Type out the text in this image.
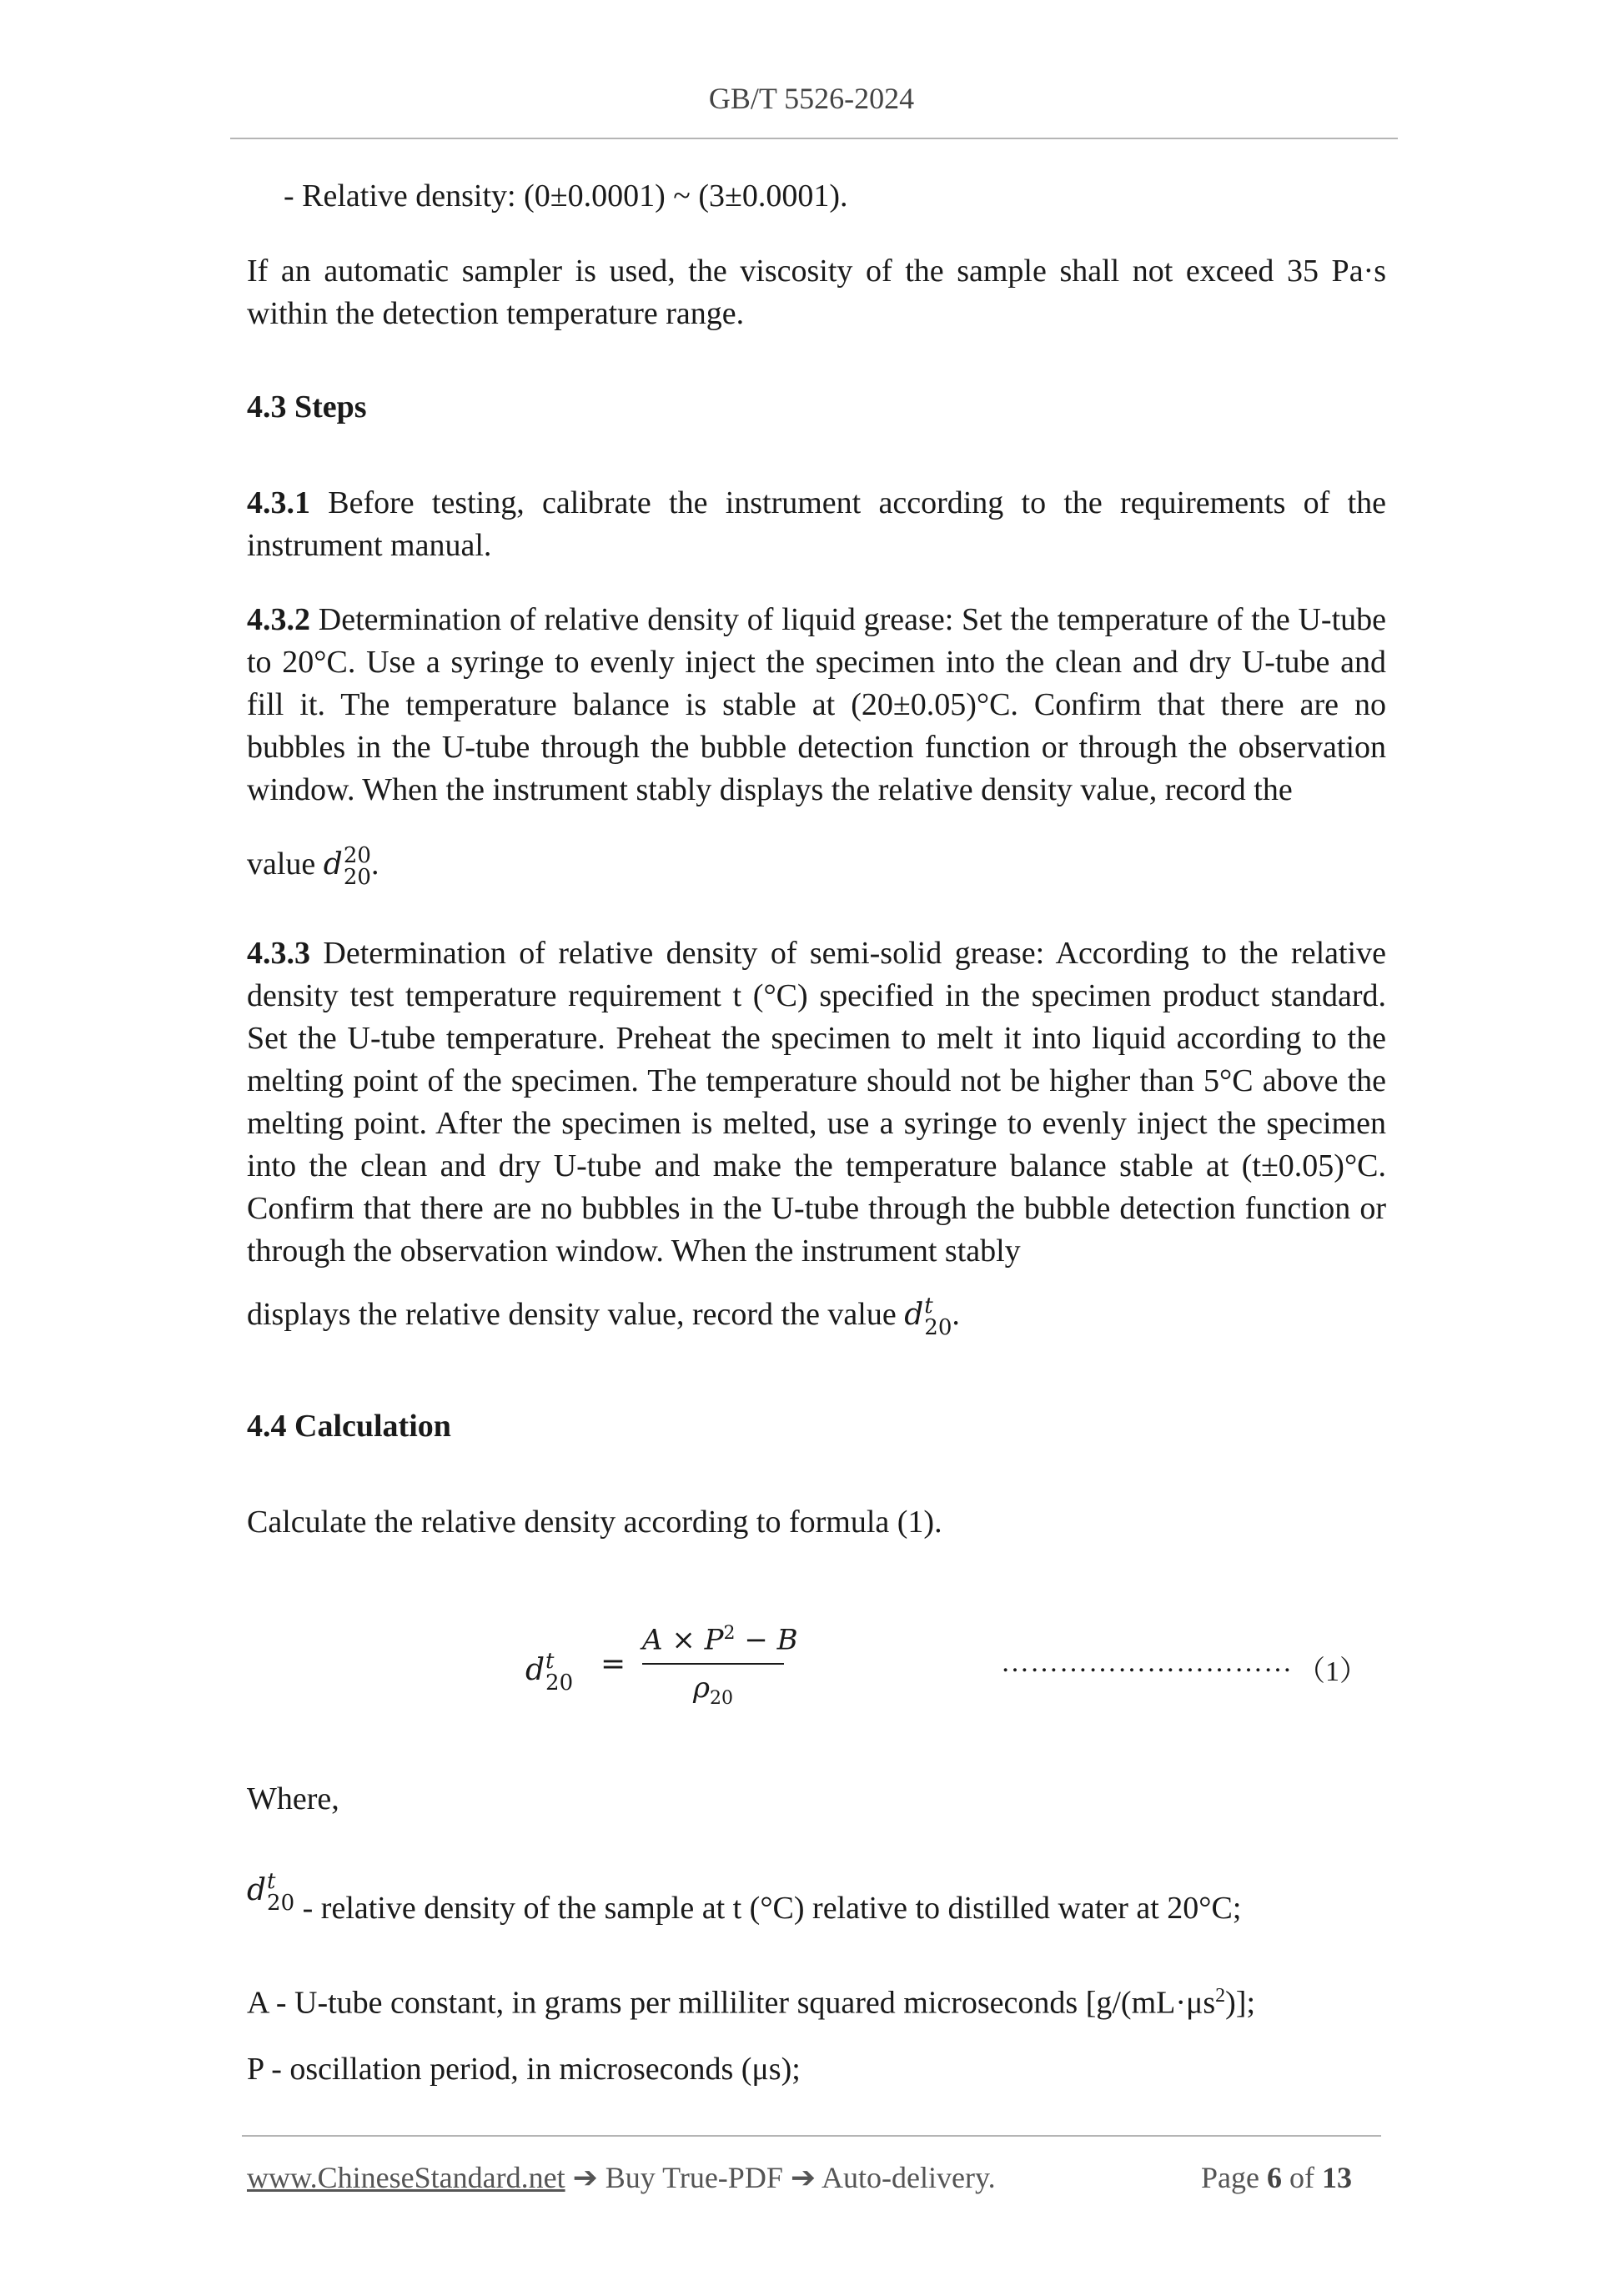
GB/T 5526-2024

- Relative density: (0±0.0001) ~ (3±0.0001).

If an automatic sampler is used, the viscosity of the sample shall not exceed 35 Pa·s within the detection temperature range.

4.3 Steps

4.3.1 Before testing, calibrate the instrument according to the requirements of the instrument manual.

4.3.2 Determination of relative density of liquid grease: Set the temperature of the U-tube to 20°C. Use a syringe to evenly inject the specimen into the clean and dry U-tube and fill it. The temperature balance is stable at (20±0.05)°C. Confirm that there are no bubbles in the U-tube through the bubble detection function or through the observation window. When the instrument stably displays the relative density value, record the

value d 20
20 .

4.3.3 Determination of relative density of semi-solid grease: According to the relative density test temperature requirement t (°C) specified in the specimen product standard. Set the U-tube temperature. Preheat the specimen to melt it into liquid according to the melting point of the specimen. The temperature should not be higher than 5°C above the melting point. After the specimen is melted, use a syringe to evenly inject the specimen into the clean and dry U-tube and make the temperature balance stable at (t±0.05)°C. Confirm that there are no bubbles in the U-tube through the bubble detection function or through the observation window. When the instrument stably

displays the relative density value, record the value d t
20 .

4.4 Calculation

Calculate the relative density according to formula (1).

d t
20
=
$A \times P^2 - B$
$\rho_{20}$
………………………… （1）

Where,

d t
20 - relative density of the sample at t (°C) relative to distilled water at 20°C;

A - U-tube constant, in grams per milliliter squared microseconds $[g/(mL\cdot\mu s^2)]$;

P - oscillation period, in microseconds (μs);

www.ChineseStandard.net ➔ Buy True-PDF ➔ Auto-delivery.	Page 6 of 13
